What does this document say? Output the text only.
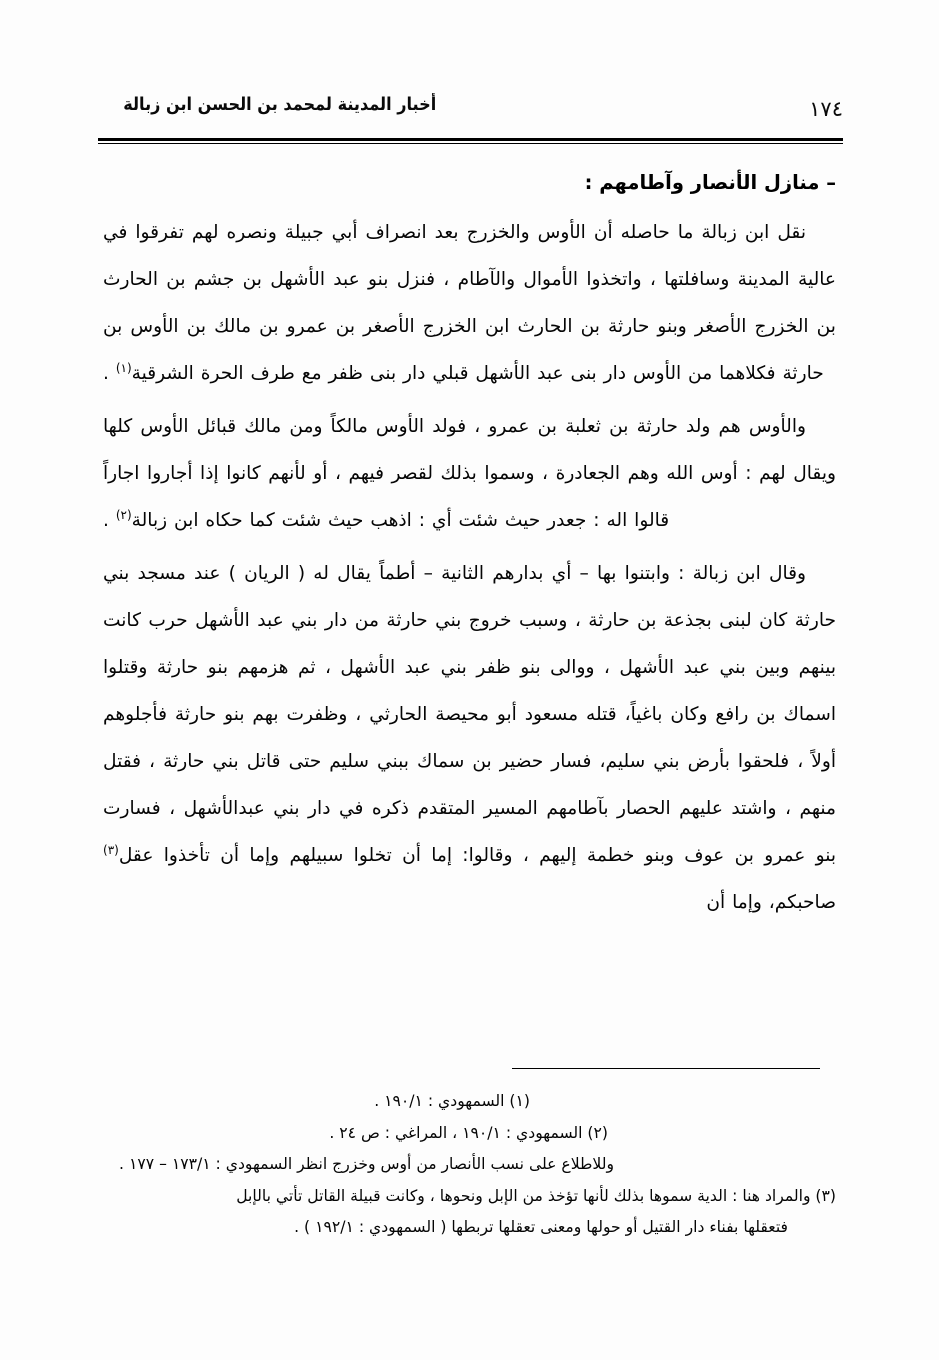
أخبار المدينة لمحمد بن الحسن ابن زبالة	١٧٤
– منازل الأنصار وآطامهم :

نقل ابن زبالة ما حاصله أن الأوس والخزرج بعد انصراف أبي جبيلة ونصره لهم تفرقوا في عالية المدينة وسافلتها ، واتخذوا الأموال والآطام ، فنزل بنو عبد الأشهل بن جشم بن الحارث بن الخزرج الأصغر وبنو حارثة بن الحارث ابن الخزرج الأصغر بن عمرو بن مالك بن الأوس بن حارثة فكلاهما من الأوس دار بنى عبد الأشهل قبلي دار بنى ظفر مع طرف الحرة الشرقية$^{(١)}$ .

والأوس هم ولد حارثة بن ثعلبة بن عمرو ، فولد الأوس مالكاً ومن مالك قبائل الأوس كلها ويقال لهم : أوس الله وهم الجعادرة ، وسموا بذلك لقصر فيهم ، أو لأنهم كانوا إذا أجاروا اجاراً قالوا اله : جعدر حيث شئت أي : اذهب حيث شئت كما حكاه ابن زبالة$^{(٢)}$ .

وقال ابن زبالة : وابتنوا بها – أي بدارهم الثانية – أطماً يقال له ( الريان ) عند مسجد بني حارثة كان لبنى بجذعة بن حارثة ، وسبب خروج بني حارثة من دار بني عبد الأشهل حرب كانت بينهم وبين بني عبد الأشهل ، ووالى بنو ظفر بني عبد الأشهل ، ثم هزمهم بنو حارثة وقتلوا اسماك بن رافع وكان باغياً، قتله مسعود أبو محيصة الحارثي ، وظفرت بهم بنو حارثة فأجلوهم أولاً ، فلحقوا بأرض بني سليم، فسار حضير بن سماك ببني سليم حتى قاتل بني حارثة ، فقتل منهم ، واشتد عليهم الحصار بآطامهم المسير المتقدم ذكره في دار بني عبدالأشهل ، فسارت بنو عمرو بن عوف وبنو خطمة إليهم ، وقالوا: إما أن تخلوا سبيلهم وإما أن تأخذوا عقل$^{(٣)}$ صاحبكم، وإما أن

(١) السمهودي : ١٩٠/١ .
(٢) السمهودي : ١٩٠/١ ، المراغي : ص ٢٤ .
وللاطلاع على نسب الأنصار من أوس وخزرج انظر السمهودي : ١٧٣/١ – ١٧٧ .
(٣) والمراد هنا : الدية سموها بذلك لأنها تؤخذ من الإبل ونحوها ، وكانت قبيلة القاتل تأتي بالإبل
فتعقلها بفناء دار القتيل أو حولها ومعنى تعقلها تربطها ( السمهودي : ١٩٢/١ ) .
